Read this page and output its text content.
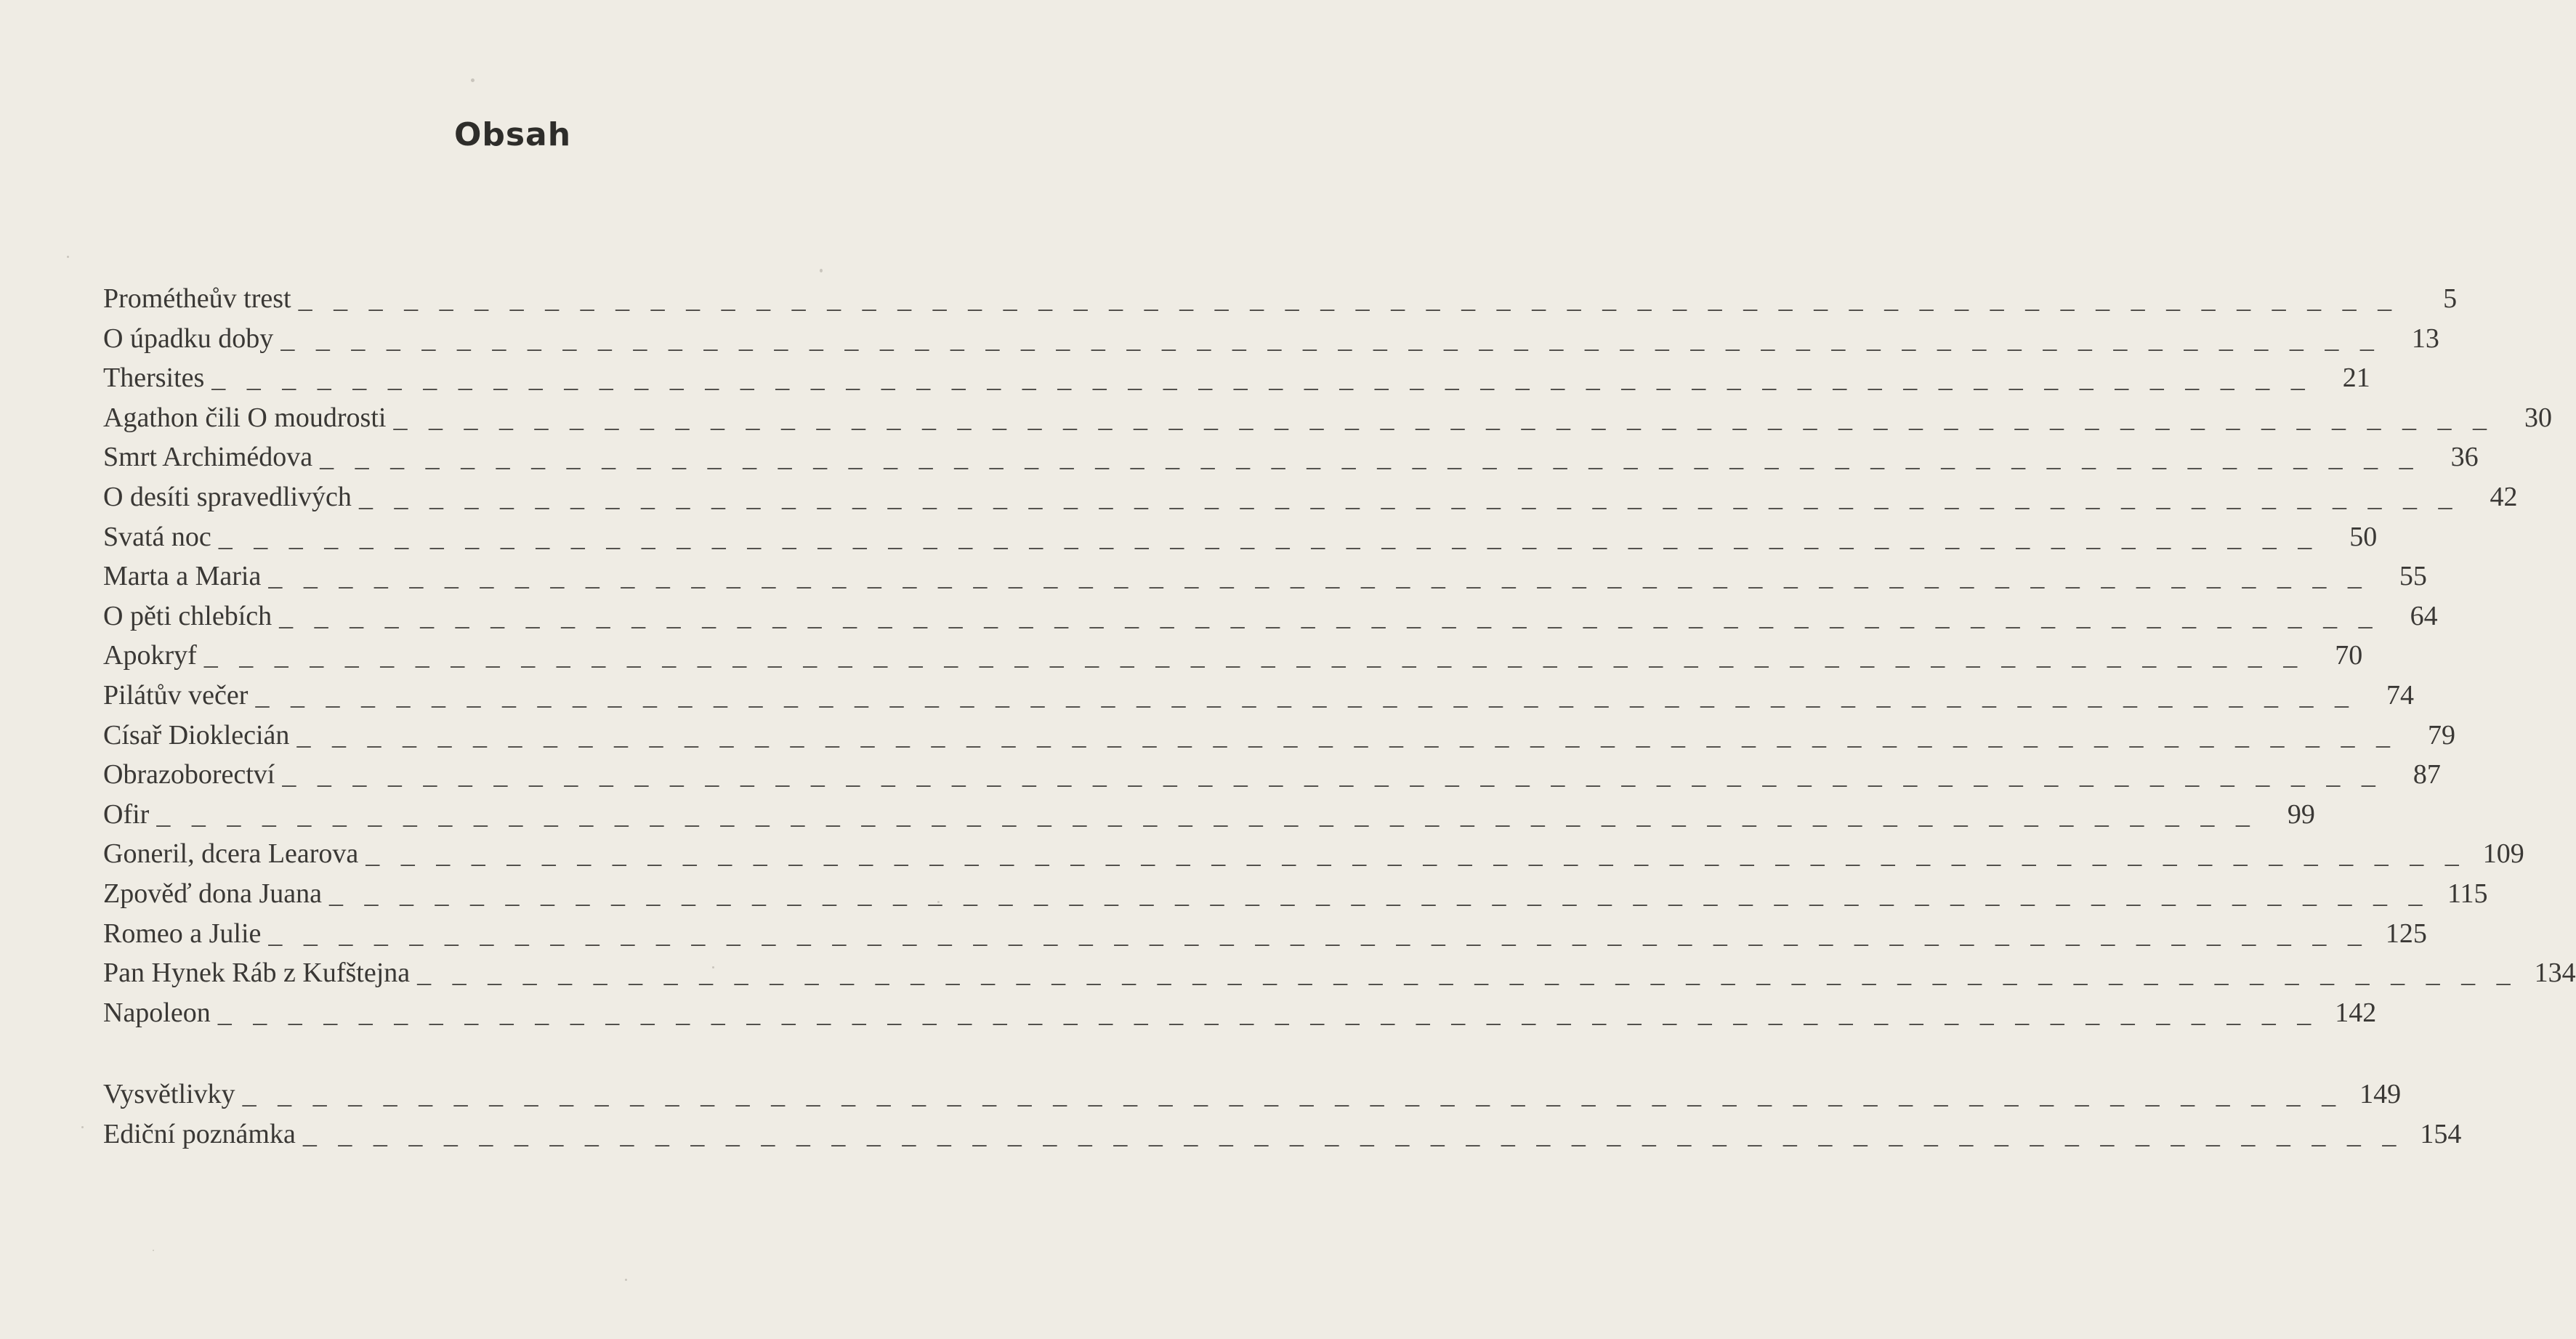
Obsah
Prométheův trest _ _ _ _ _ _ _ _ _ _ _ _ _ _ _ _ _ _ _ _ _ _ _ _ _ _ _ _ _ _ _ _ _ _ _ _ _ _ _ _ _ _ _ _ _ _ _ _ _ _ _ _ _ _ _ _ _ _ _ _	5
O úpadku doby _ _ _ _ _ _ _ _ _ _ _ _ _ _ _ _ _ _ _ _ _ _ _ _ _ _ _ _ _ _ _ _ _ _ _ _ _ _ _ _ _ _ _ _ _ _ _ _ _ _ _ _ _ _ _ _ _ _ _ _	13
Thersites _ _ _ _ _ _ _ _ _ _ _ _ _ _ _ _ _ _ _ _ _ _ _ _ _ _ _ _ _ _ _ _ _ _ _ _ _ _ _ _ _ _ _ _ _ _ _ _ _ _ _ _ _ _ _ _ _ _ _ _	21
Agathon čili O moudrosti _ _ _ _ _ _ _ _ _ _ _ _ _ _ _ _ _ _ _ _ _ _ _ _ _ _ _ _ _ _ _ _ _ _ _ _ _ _ _ _ _ _ _ _ _ _ _ _ _ _ _ _ _ _ _ _ _ _ _ _	30
Smrt Archimédova _ _ _ _ _ _ _ _ _ _ _ _ _ _ _ _ _ _ _ _ _ _ _ _ _ _ _ _ _ _ _ _ _ _ _ _ _ _ _ _ _ _ _ _ _ _ _ _ _ _ _ _ _ _ _ _ _ _ _ _	36
O desíti spravedlivých _ _ _ _ _ _ _ _ _ _ _ _ _ _ _ _ _ _ _ _ _ _ _ _ _ _ _ _ _ _ _ _ _ _ _ _ _ _ _ _ _ _ _ _ _ _ _ _ _ _ _ _ _ _ _ _ _ _ _ _	42
Svatá noc _ _ _ _ _ _ _ _ _ _ _ _ _ _ _ _ _ _ _ _ _ _ _ _ _ _ _ _ _ _ _ _ _ _ _ _ _ _ _ _ _ _ _ _ _ _ _ _ _ _ _ _ _ _ _ _ _ _ _ _	50
Marta a Maria _ _ _ _ _ _ _ _ _ _ _ _ _ _ _ _ _ _ _ _ _ _ _ _ _ _ _ _ _ _ _ _ _ _ _ _ _ _ _ _ _ _ _ _ _ _ _ _ _ _ _ _ _ _ _ _ _ _ _ _	55
O pěti chlebích _ _ _ _ _ _ _ _ _ _ _ _ _ _ _ _ _ _ _ _ _ _ _ _ _ _ _ _ _ _ _ _ _ _ _ _ _ _ _ _ _ _ _ _ _ _ _ _ _ _ _ _ _ _ _ _ _ _ _ _	64
Apokryf _ _ _ _ _ _ _ _ _ _ _ _ _ _ _ _ _ _ _ _ _ _ _ _ _ _ _ _ _ _ _ _ _ _ _ _ _ _ _ _ _ _ _ _ _ _ _ _ _ _ _ _ _ _ _ _ _ _ _ _	70
Pilátův večer _ _ _ _ _ _ _ _ _ _ _ _ _ _ _ _ _ _ _ _ _ _ _ _ _ _ _ _ _ _ _ _ _ _ _ _ _ _ _ _ _ _ _ _ _ _ _ _ _ _ _ _ _ _ _ _ _ _ _ _	74
Císař Dioklecián _ _ _ _ _ _ _ _ _ _ _ _ _ _ _ _ _ _ _ _ _ _ _ _ _ _ _ _ _ _ _ _ _ _ _ _ _ _ _ _ _ _ _ _ _ _ _ _ _ _ _ _ _ _ _ _ _ _ _ _	79
Obrazoborectví _ _ _ _ _ _ _ _ _ _ _ _ _ _ _ _ _ _ _ _ _ _ _ _ _ _ _ _ _ _ _ _ _ _ _ _ _ _ _ _ _ _ _ _ _ _ _ _ _ _ _ _ _ _ _ _ _ _ _ _	87
Ofir _ _ _ _ _ _ _ _ _ _ _ _ _ _ _ _ _ _ _ _ _ _ _ _ _ _ _ _ _ _ _ _ _ _ _ _ _ _ _ _ _ _ _ _ _ _ _ _ _ _ _ _ _ _ _ _ _ _ _ _	99
Goneril, dcera Learova _ _ _ _ _ _ _ _ _ _ _ _ _ _ _ _ _ _ _ _ _ _ _ _ _ _ _ _ _ _ _ _ _ _ _ _ _ _ _ _ _ _ _ _ _ _ _ _ _ _ _ _ _ _ _ _ _ _ _ _ 109
Zpověď dona Juana _ _ _ _ _ _ _ _ _ _ _ _ _ _ _ _ _ _ _ _ _ _ _ _ _ _ _ _ _ _ _ _ _ _ _ _ _ _ _ _ _ _ _ _ _ _ _ _ _ _ _ _ _ _ _ _ _ _ _ _ 115
Romeo a Julie _ _ _ _ _ _ _ _ _ _ _ _ _ _ _ _ _ _ _ _ _ _ _ _ _ _ _ _ _ _ _ _ _ _ _ _ _ _ _ _ _ _ _ _ _ _ _ _ _ _ _ _ _ _ _ _ _ _ _ _ 125
Pan Hynek Ráb z Kufštejna _ _ _ _ _ _ _ _ _ _ _ _ _ _ _ _ _ _ _ _ _ _ _ _ _ _ _ _ _ _ _ _ _ _ _ _ _ _ _ _ _ _ _ _ _ _ _ _ _ _ _ _ _ _ _ _ _ _ _ _ 134
Napoleon _ _ _ _ _ _ _ _ _ _ _ _ _ _ _ _ _ _ _ _ _ _ _ _ _ _ _ _ _ _ _ _ _ _ _ _ _ _ _ _ _ _ _ _ _ _ _ _ _ _ _ _ _ _ _ _ _ _ _ _ 142
Vysvětlivky _ _ _ _ _ _ _ _ _ _ _ _ _ _ _ _ _ _ _ _ _ _ _ _ _ _ _ _ _ _ _ _ _ _ _ _ _ _ _ _ _ _ _ _ _ _ _ _ _ _ _ _ _ _ _ _ _ _ _ _ 149
Ediční poznámka _ _ _ _ _ _ _ _ _ _ _ _ _ _ _ _ _ _ _ _ _ _ _ _ _ _ _ _ _ _ _ _ _ _ _ _ _ _ _ _ _ _ _ _ _ _ _ _ _ _ _ _ _ _ _ _ _ _ _ _ 154
